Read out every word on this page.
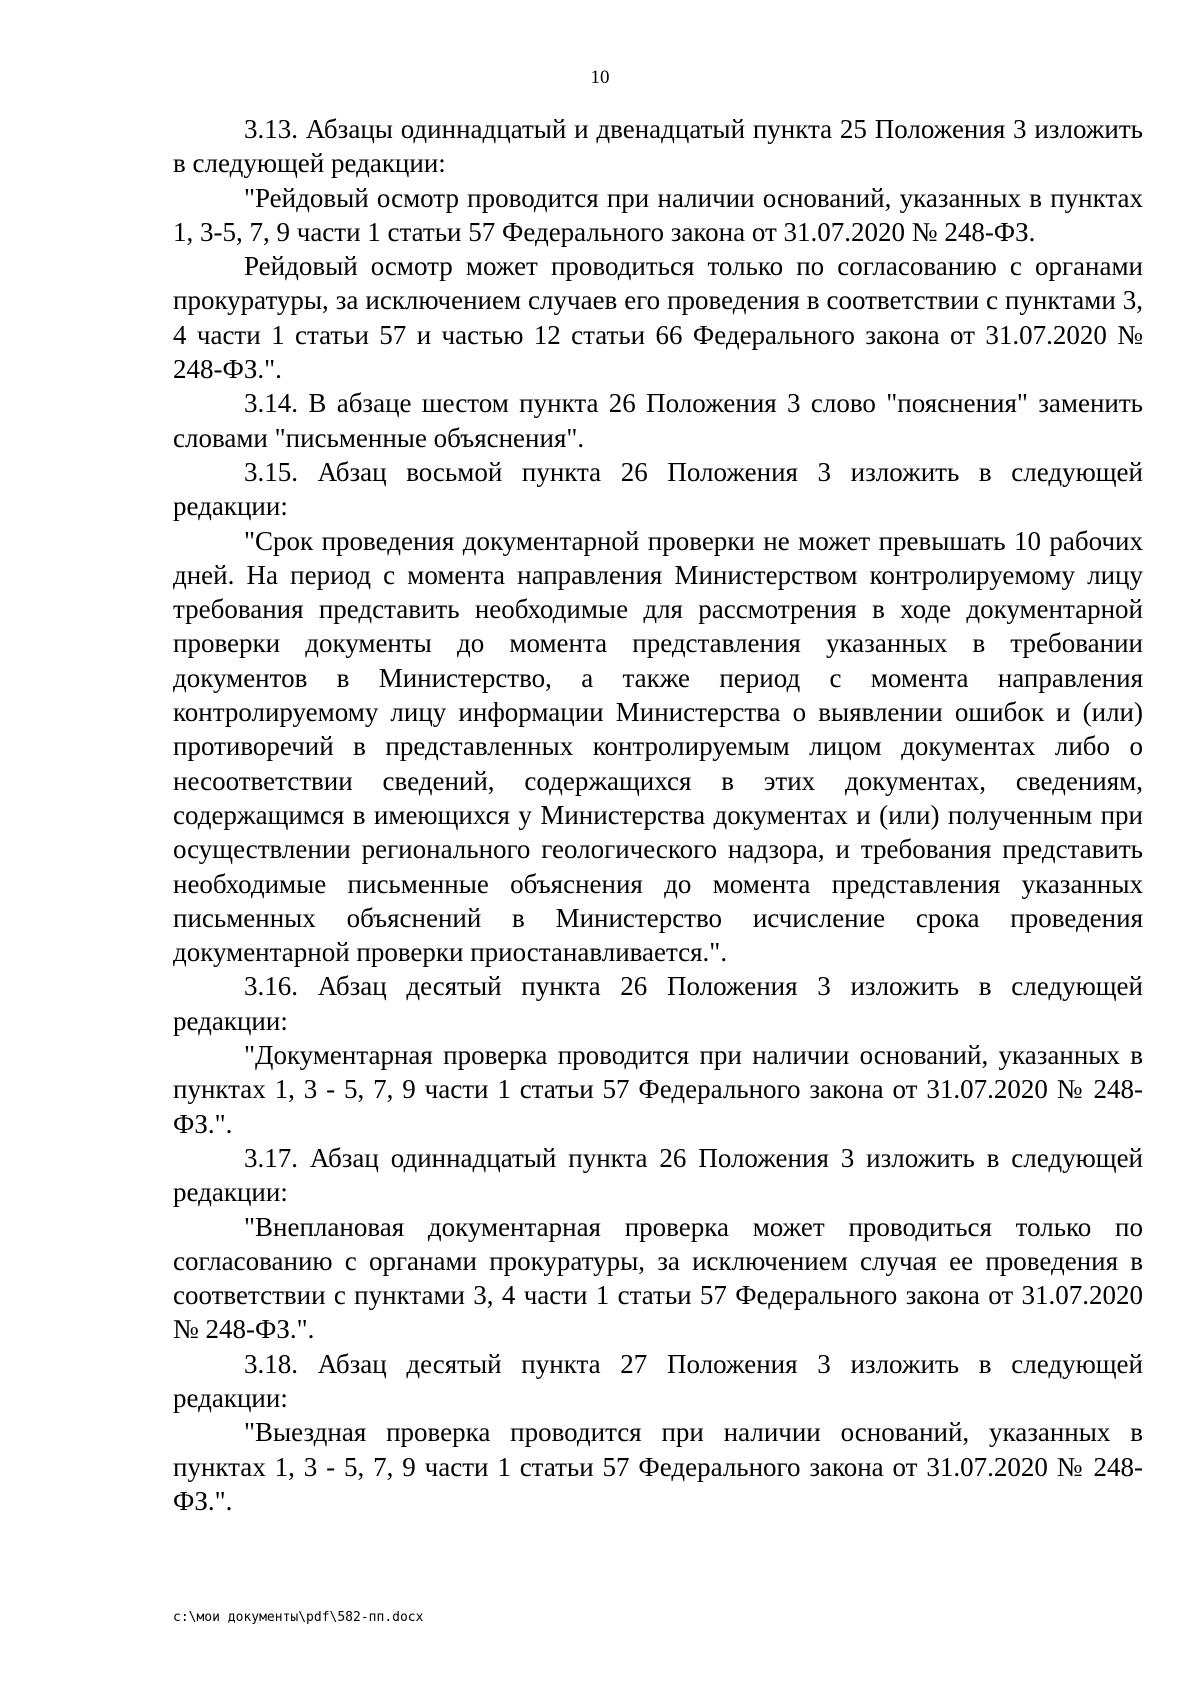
10

3.13. Абзацы одиннадцатый и двенадцатый пункта 25 Положения 3 изложить в следующей редакции:

"Рейдовый осмотр проводится при наличии оснований, указанных в пунктах 1, 3-5, 7, 9 части 1 статьи 57 Федерального закона от 31.07.2020 № 248-ФЗ.

Рейдовый осмотр может проводиться только по согласованию с органами прокуратуры, за исключением случаев его проведения в соответствии с пунктами 3, 4 части 1 статьи 57 и частью 12 статьи 66 Федерального закона от 31.07.2020 № 248-ФЗ.".

3.14. В абзаце шестом пункта 26 Положения 3 слово "пояснения" заменить словами "письменные объяснения".

3.15. Абзац восьмой пункта 26 Положения 3 изложить в следующей редакции:

"Срок проведения документарной проверки не может превышать 10 рабочих дней. На период с момента направления Министерством контролируемому лицу требования представить необходимые для рассмотрения в ходе документарной проверки документы до момента представления указанных в требовании документов в Министерство, а также период с момента направления контролируемому лицу информации Министерства о выявлении ошибок и (или) противоречий в представленных контролируемым лицом документах либо о несоответствии сведений, содержащихся в этих документах, сведениям, содержащимся в имеющихся у Министерства документах и (или) полученным при осуществлении регионального геологического надзора, и требования представить необходимые письменные объяснения до момента представления указанных письменных объяснений в Министерство исчисление срока проведения документарной проверки приостанавливается.".

3.16. Абзац десятый пункта 26 Положения 3 изложить в следующей редакции:

"Документарная проверка проводится при наличии оснований, указанных в пунктах 1, 3 - 5, 7, 9 части 1 статьи 57 Федерального закона от 31.07.2020 № 248-ФЗ.".

3.17. Абзац одиннадцатый пункта 26 Положения 3 изложить в следующей редакции:

"Внеплановая документарная проверка может проводиться только по согласованию с органами прокуратуры, за исключением случая ее проведения в соответствии с пунктами 3, 4 части 1 статьи 57 Федерального закона от 31.07.2020 № 248-ФЗ.".

3.18. Абзац десятый пункта 27 Положения 3 изложить в следующей редакции:

"Выездная проверка проводится при наличии оснований, указанных в пунктах 1, 3 - 5, 7, 9 части 1 статьи 57 Федерального закона от 31.07.2020 № 248-ФЗ.".

c:\мои документы\pdf\582-пп.docx
